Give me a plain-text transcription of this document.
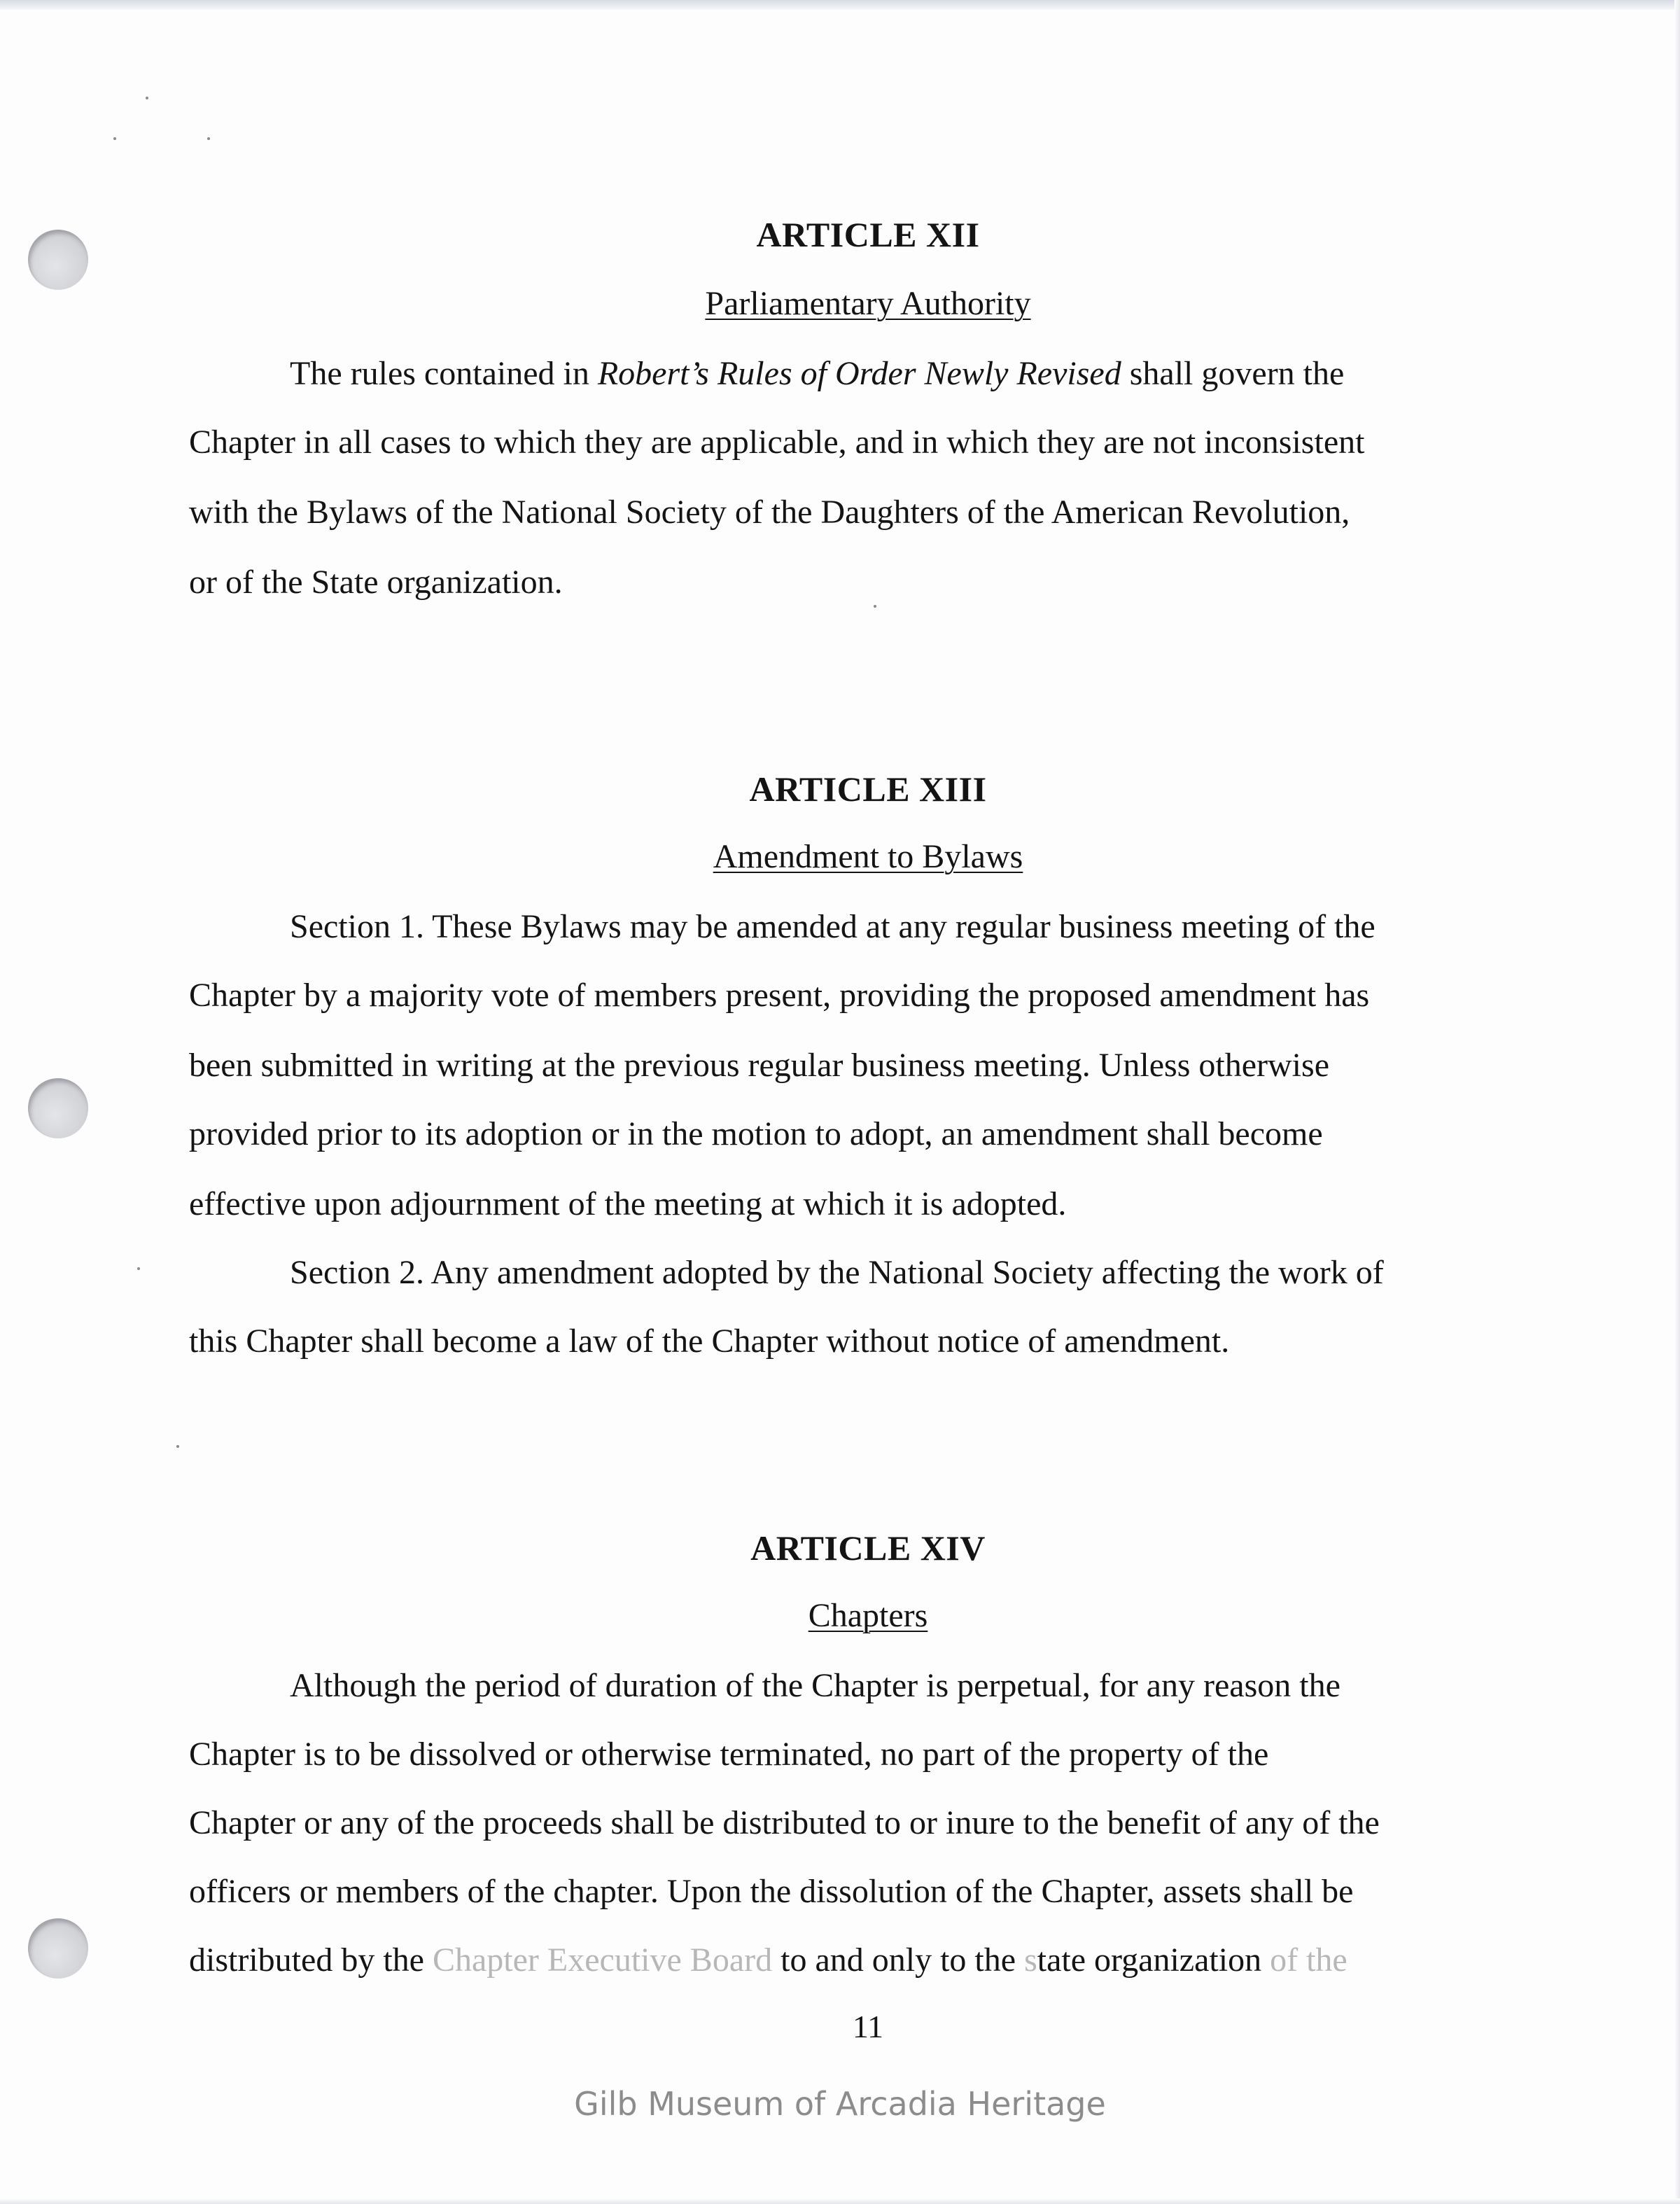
ARTICLE XII
Parliamentary Authority
The rules contained in Robert’s Rules of Order Newly Revised shall govern the
Chapter in all cases to which they are applicable, and in which they are not inconsistent
with the Bylaws of the National Society of the Daughters of the American Revolution,
or of the State organization.
ARTICLE XIII
Amendment to Bylaws
Section 1. These Bylaws may be amended at any regular business meeting of the
Chapter by a majority vote of members present, providing the proposed amendment has
been submitted in writing at the previous regular business meeting. Unless otherwise
provided prior to its adoption or in the motion to adopt, an amendment shall become
effective upon adjournment of the meeting at which it is adopted.
Section 2. Any amendment adopted by the National Society affecting the work of
this Chapter shall become a law of the Chapter without notice of amendment.
ARTICLE XIV
Chapters
Although the period of duration of the Chapter is perpetual, for any reason the
Chapter is to be dissolved or otherwise terminated, no part of the property of the
Chapter or any of the proceeds shall be distributed to or inure to the benefit of any of the
officers or members of the chapter. Upon the dissolution of the Chapter, assets shall be
distributed by the Chapter Executive Board to and only to the state organization of the
11
Gilb Museum of Arcadia Heritage
